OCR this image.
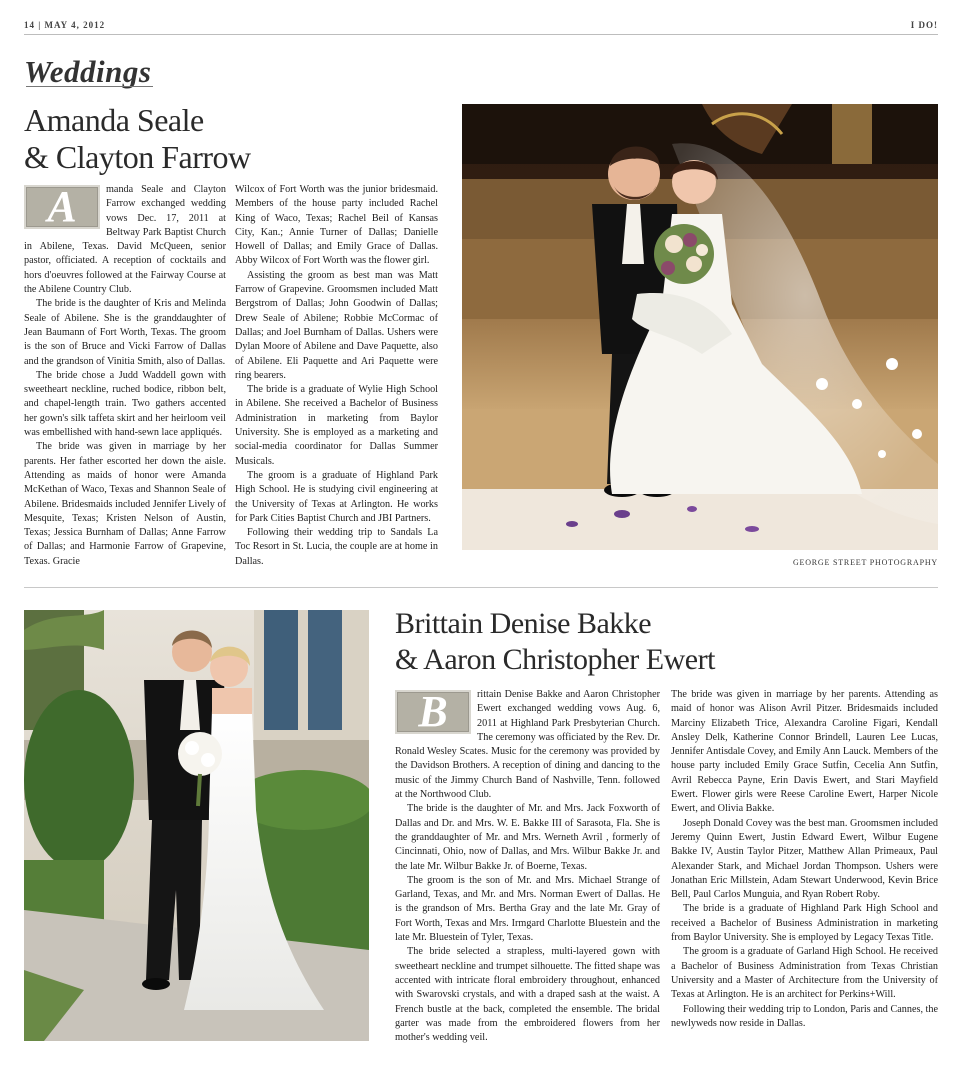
14 | MAY 4, 2012	I DO!
Weddings
Amanda Seale
& Clayton Farrow

A	manda Seale and Clayton Farrow exchanged wedding vows Dec. 17, 2011 at Beltway Park Baptist Church in Abilene, Texas. David McQueen, senior pastor, officiated. A reception of cocktails and hors d'oeuvres followed at the Fairway Course at the Abilene Country Club.

The bride is the daughter of Kris and Melinda Seale of Abilene. She is the granddaughter of Jean Baumann of Fort Worth, Texas. The groom is the son of Bruce and Vicki Farrow of Dallas and the grandson of Vinitia Smith, also of Dallas.

The bride chose a Judd Waddell gown with sweetheart neckline, ruched bodice, ribbon belt, and chapel-length train. Two gathers accented her gown's silk taffeta skirt and her heirloom veil was embellished with hand-sewn lace appliqués.

The bride was given in marriage by her parents. Her father escorted her down the aisle. Attending as maids of honor were Amanda McKethan of Waco, Texas and Shannon Seale of Abilene. Bridesmaids included Jennifer Lively of Mesquite, Texas; Kristen Nelson of Austin, Texas; Jessica Burnham of Dallas; Anne Farrow of Dallas; and Harmonie Farrow of Grapevine, Texas. Gracie

Wilcox of Fort Worth was the junior bridesmaid. Members of the house party included Rachel King of Waco, Texas; Rachel Beil of Kansas City, Kan.; Annie Turner of Dallas; Danielle Howell of Dallas; and Emily Grace of Dallas. Abby Wilcox of Fort Worth was the flower girl.

Assisting the groom as best man was Matt Farrow of Grapevine. Groomsmen included Matt Bergstrom of Dallas; John Goodwin of Dallas; Drew Seale of Abilene; Robbie McCormac of Dallas; and Joel Burnham of Dallas. Ushers were Dylan Moore of Abilene and Dave Paquette, also of Abilene. Eli Paquette and Ari Paquette were ring bearers.

The bride is a graduate of Wylie High School in Abilene. She received a Bachelor of Business Administration in marketing from Baylor University. She is employed as a marketing and social-media coordinator for Dallas Summer Musicals.

The groom is a graduate of Highland Park High School. He is studying civil engineering at the University of Texas at Arlington. He works for Park Cities Baptist Church and JBI Partners.

Following their wedding trip to Sandals La Toc Resort in St. Lucia, the couple are at home in Dallas.	GEORGE STREET PHOTOGRAPHY
Brittain Denise Bakke
& Aaron Christopher Ewert

B	rittain Denise Bakke and Aaron Christopher Ewert exchanged wedding vows Aug. 6, 2011 at Highland Park Presbyterian Church. The ceremony was officiated by the Rev. Dr. Ronald Wesley Scates. Music for the ceremony was provided by the Davidson Brothers. A reception of dining and dancing to the music of the Jimmy Church Band of Nashville, Tenn. followed at the Northwood Club.

The bride is the daughter of Mr. and Mrs. Jack Foxworth of Dallas and Dr. and Mrs. W. E. Bakke III of Sarasota, Fla. She is the granddaughter of Mr. and Mrs. Werneth Avril , formerly of Cincinnati, Ohio, now of Dallas, and Mrs. Wilbur Bakke Jr. and the late Mr. Wilbur Bakke Jr. of Boerne, Texas.

The groom is the son of Mr. and Mrs. Michael Strange of Garland, Texas, and Mr. and Mrs. Norman Ewert of Dallas. He is the grandson of Mrs. Bertha Gray and the late Mr. Gray of Fort Worth, Texas and Mrs. Irmgard Charlotte Bluestein and the late Mr. Bluestein of Tyler, Texas.

The bride selected a strapless, multi-layered gown with sweetheart neckline and trumpet silhouette. The fitted shape was accented with intricate floral embroidery throughout, enhanced with Swarovski crystals, and with a draped sash at the waist. A French bustle at the back, completed the ensemble. The bridal garter was made from the embroidered flowers from her mother's wedding veil.

The bride was given in marriage by her parents. Attending as maid of honor was Alison Avril Pitzer. Bridesmaids included Marciny Elizabeth Trice, Alexandra Caroline Figari, Kendall Ansley Delk, Katherine Connor Brindell, Lauren Lee Lucas, Jennifer Antisdale Covey, and Emily Ann Lauck. Members of the house party included Emily Grace Sutfin, Cecelia Ann Sutfin, Avril Rebecca Payne, Erin Davis Ewert, and Stari Mayfield Ewert. Flower girls were Reese Caroline Ewert, Harper Nicole Ewert, and Olivia Bakke.

Joseph Donald Covey was the best man. Groomsmen included Jeremy Quinn Ewert, Justin Edward Ewert, Wilbur Eugene Bakke IV, Austin Taylor Pitzer, Matthew Allan Primeaux, Paul Alexander Stark, and Michael Jordan Thompson. Ushers were Jonathan Eric Millstein, Adam Stewart Underwood, Kevin Brice Bell, Paul Carlos Munguia, and Ryan Robert Roby.

The bride is a graduate of Highland Park High School and received a Bachelor of Business Administration in marketing from Baylor University. She is employed by Legacy Texas Title.

The groom is a graduate of Garland High School. He received a Bachelor of Business Administration from Texas Christian University and a Master of Architecture from the University of Texas at Arlington. He is an architect for Perkins+Will.

Following their wedding trip to London, Paris and Cannes, the newlyweds now reside in Dallas.
